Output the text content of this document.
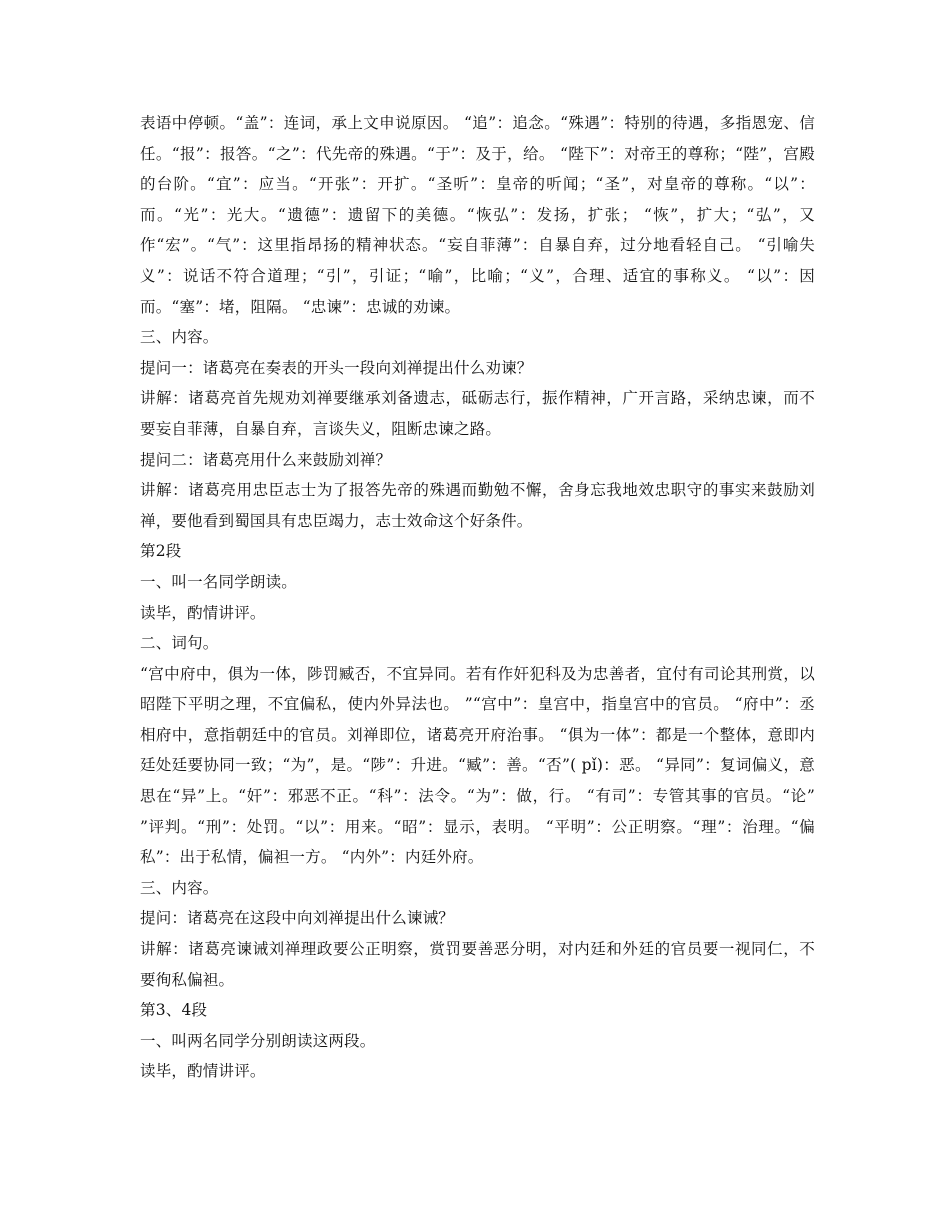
表语中停顿。“盖”：连词，承上文申说原因。 “追”：追念。“殊遇”：特别的待遇，多指恩宠、信任。“报”：报答。“之”：代先帝的殊遇。“于”：及于，给。 “陛下”：对帝王的尊称；“陛”，宫殿的台阶。“宜”：应当。“开张”：开扩。“圣听”：皇帝的听闻；“圣”，对皇帝的尊称。“以”：而。“光”：光大。“遗德”：遗留下的美德。“恢弘”：发扬，扩张； “恢”，扩大；“弘”，又作“宏”。“气”：这里指昂扬的精神状态。“妄自菲薄”：自暴自弃，过分地看轻自己。 “引喻失义”：说话不符合道理；“引”，引证；“喻”，比喻；“义”，合理、适宜的事称义。 “以”：因而。“塞”：堵，阻隔。 “忠谏”：忠诚的劝谏。

三、内容。

提问一：诸葛亮在奏表的开头一段向刘禅提出什么劝谏？

讲解：诸葛亮首先规劝刘禅要继承刘备遗志，砥砺志行，振作精神，广开言路，采纳忠谏，而不要妄自菲薄，自暴自弃，言谈失义，阻断忠谏之路。

提问二：诸葛亮用什么来鼓励刘禅？

讲解：诸葛亮用忠臣志士为了报答先帝的殊遇而勤勉不懈，舍身忘我地效忠职守的事实来鼓励刘禅，要他看到蜀国具有忠臣竭力，志士效命这个好条件。

第2段

一、叫一名同学朗读。

读毕，酌情讲评。

二、词句。

“宫中府中，俱为一体，陟罚臧否，不宜异同。若有作奸犯科及为忠善者，宜付有司论其刑赏，以昭陛下平明之理，不宜偏私，使内外异法也。 ”“宫中”：皇宫中，指皇宫中的官员。 “府中”：丞相府中，意指朝廷中的官员。刘禅即位，诸葛亮开府治事。 “俱为一体”：都是一个整体，意即内廷处廷要协同一致；“为”，是。“陟”：升进。“臧”：善。“否”( pǐ)：恶。 “异同”：复词偏义，意思在“异”上。“奸”：邪恶不正。“科”：法令。“为”：做，行。 “有司”：专管其事的官员。“论” ”评判。“刑”：处罚。“以”：用来。“昭”：显示，表明。 “平明”：公正明察。“理”：治理。“偏私”：出于私情，偏袒一方。 “内外”：内廷外府。

三、内容。

提问：诸葛亮在这段中向刘禅提出什么谏诫？

讲解：诸葛亮谏诫刘禅理政要公正明察，赏罚要善恶分明，对内廷和外廷的官员要一视同仁，不要徇私偏袒。

第3、4段

一、叫两名同学分别朗读这两段。

读毕，酌情讲评。
